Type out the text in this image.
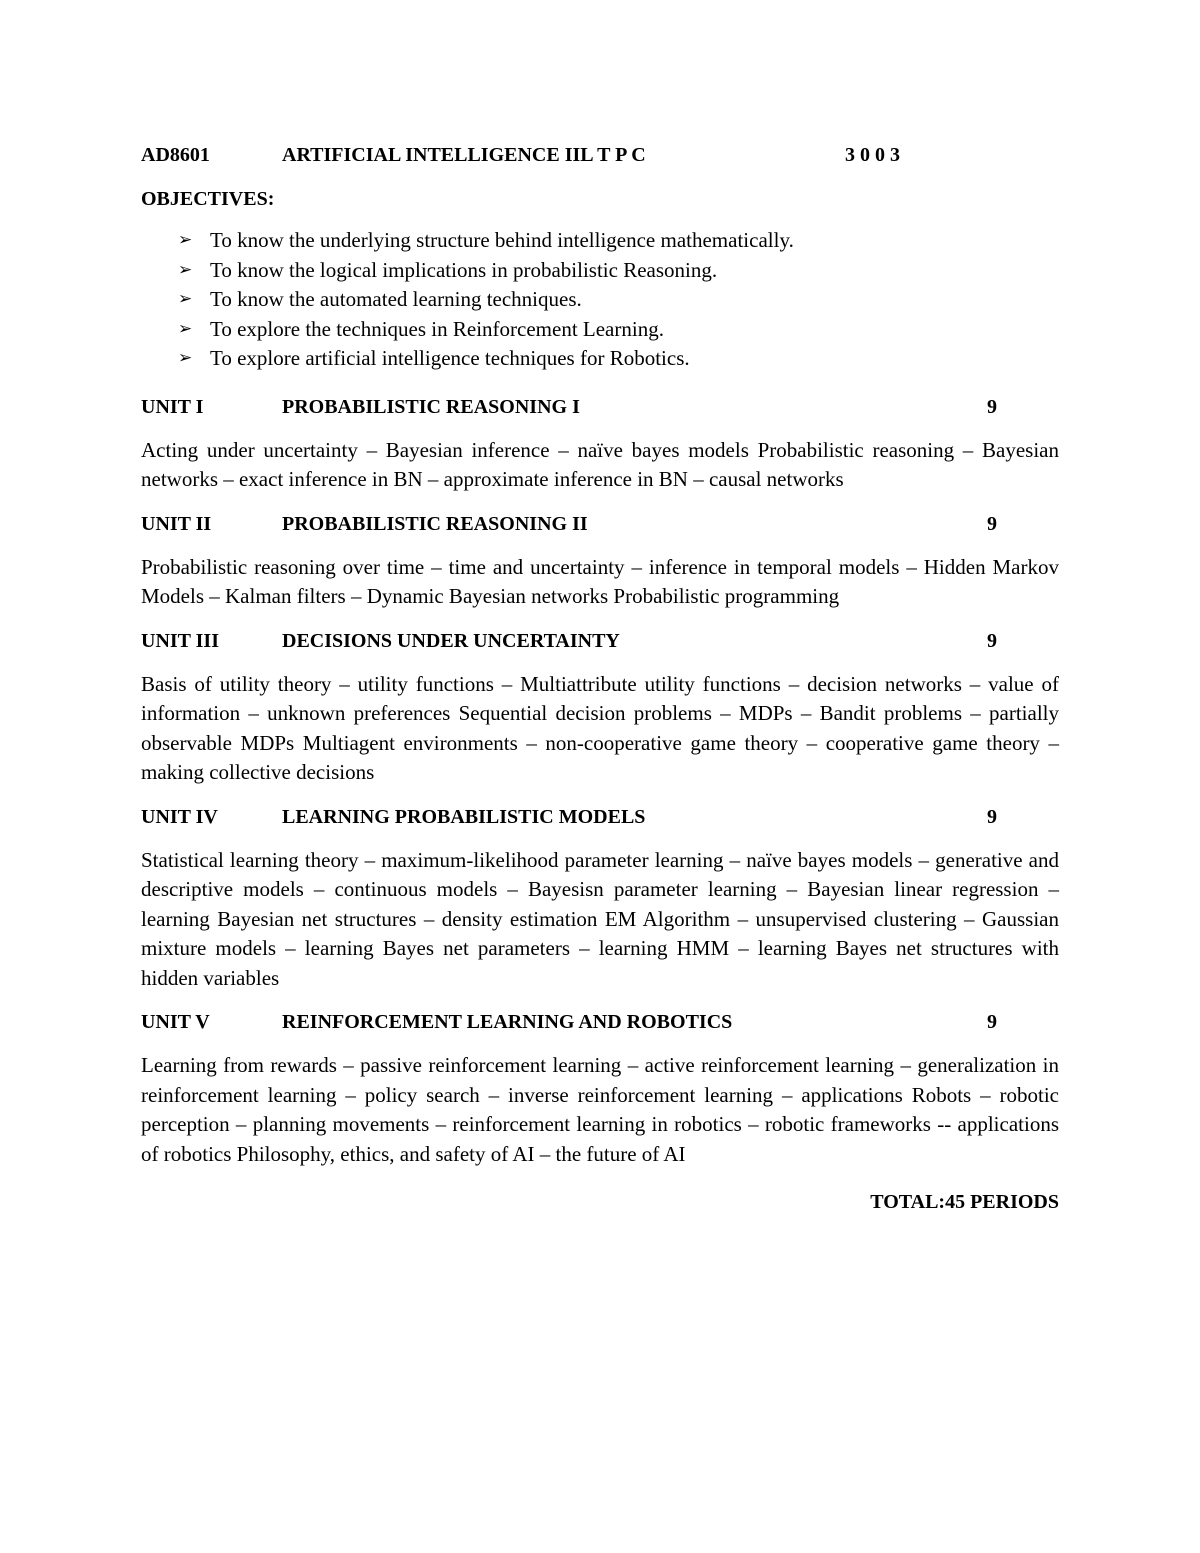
AD8601	ARTIFICIAL INTELLIGENCE IIL T P C	3 0 0 3
OBJECTIVES:
➢ To know the underlying structure behind intelligence mathematically.
➢ To know the logical implications in probabilistic Reasoning.
➢ To know the automated learning techniques.
➢ To explore the techniques in Reinforcement Learning.
➢ To explore artificial intelligence techniques for Robotics.
UNIT I	PROBABILISTIC REASONING I	9

Acting under uncertainty – Bayesian inference – naïve bayes models Probabilistic reasoning – Bayesian networks – exact inference in BN – approximate inference in BN – causal networks

UNIT II	PROBABILISTIC REASONING II	9

Probabilistic reasoning over time – time and uncertainty – inference in temporal models – Hidden Markov Models – Kalman filters – Dynamic Bayesian networks Probabilistic programming

UNIT III	DECISIONS UNDER UNCERTAINTY	9

Basis of utility theory – utility functions – Multiattribute utility functions – decision networks – value of information – unknown preferences Sequential decision problems – MDPs – Bandit problems – partially observable MDPs Multiagent environments – non-cooperative game theory – cooperative game theory – making collective decisions

UNIT IV	LEARNING PROBABILISTIC MODELS	9

Statistical learning theory – maximum-likelihood parameter learning – naïve bayes models – generative and descriptive models – continuous models – Bayesisn parameter learning – Bayesian linear regression – learning Bayesian net structures – density estimation EM Algorithm – unsupervised clustering – Gaussian mixture models – learning Bayes net parameters – learning HMM – learning Bayes net structures with hidden variables

UNIT V	REINFORCEMENT LEARNING AND ROBOTICS	9

Learning from rewards – passive reinforcement learning – active reinforcement learning – generalization in reinforcement learning – policy search – inverse reinforcement learning – applications Robots – robotic perception – planning movements – reinforcement learning in robotics – robotic frameworks -- applications of robotics Philosophy, ethics, and safety of AI – the future of AI

TOTAL:45 PERIODS
